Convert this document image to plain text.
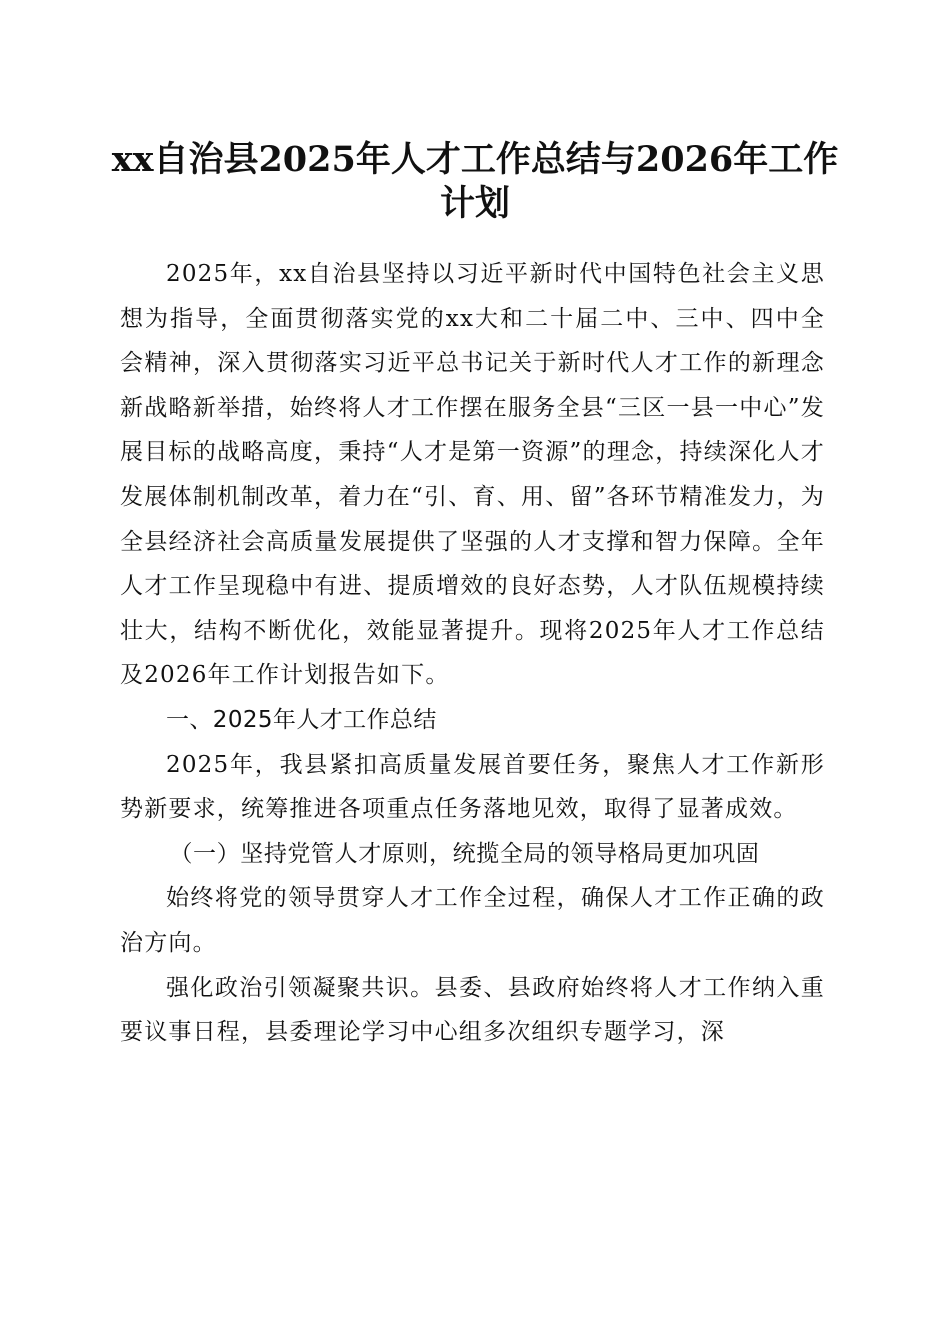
xx自治县2025年人才工作总结与2026年工作
计划

2025年，xx自治县坚持以习近平新时代中国特色社会主义思想为指导，全面贯彻落实党的xx大和二十届二中、三中、四中全会精神，深入贯彻落实习近平总书记关于新时代人才工作的新理念新战略新举措，始终将人才工作摆在服务全县“三区一县一中心”发展目标的战略高度，秉持“人才是第一资源”的理念，持续深化人才发展体制机制改革，着力在“引、育、用、留”各环节精准发力，为全县经济社会高质量发展提供了坚强的人才支撑和智力保障。全年人才工作呈现稳中有进、提质增效的良好态势，人才队伍规模持续壮大，结构不断优化，效能显著提升。现将2025年人才工作总结及2026年工作计划报告如下。

一、2025年人才工作总结

2025年，我县紧扣高质量发展首要任务，聚焦人才工作新形势新要求，统筹推进各项重点任务落地见效，取得了显著成效。

（一）坚持党管人才原则，统揽全局的领导格局更加巩固

始终将党的领导贯穿人才工作全过程，确保人才工作正确的政治方向。

强化政治引领凝聚共识。县委、县政府始终将人才工作纳入重要议事日程，县委理论学习中心组多次组织专题学习，深
